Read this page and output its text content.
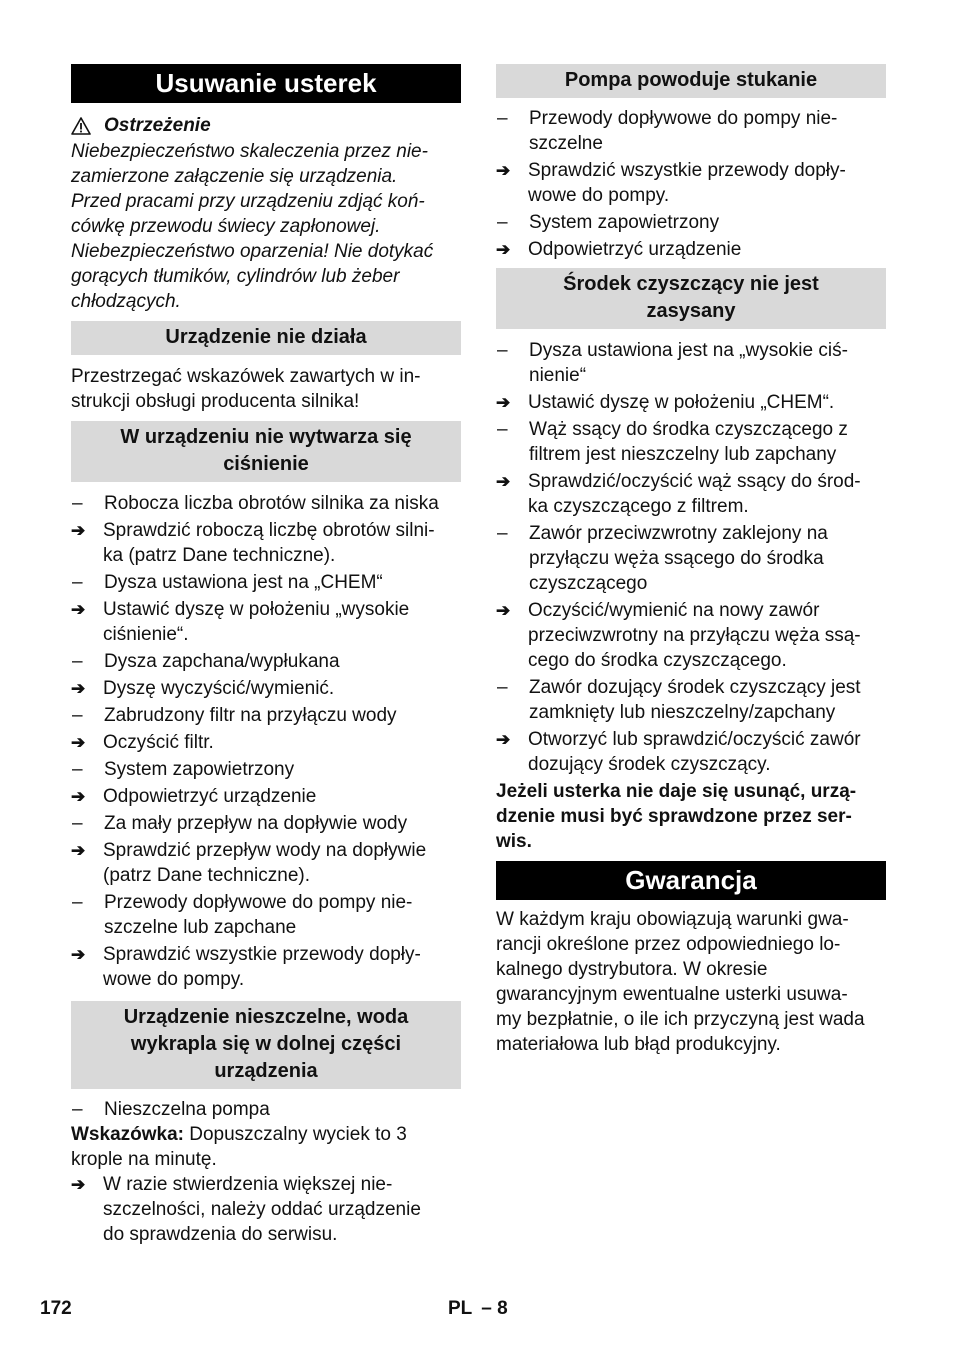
Usuwanie usterek
Ostrzeżenie

Niebezpieczeństwo skaleczenia przez nie-

zamierzone załączenie się urządzenia.

Przed pracami przy urządzeniu zdjąć koń-

cówkę przewodu świecy zapłonowej.

Niebezpieczeństwo oparzenia! Nie dotykać

gorących tłumików, cylindrów lub żeber

chłodzących.

Urządzenie nie działa

Przestrzegać wskazówek zawartych w in-

strukcji obsługi producenta silnika!

W urządzeniu nie wytwarza się
ciśnienie
–	Robocza liczba obrotów silnika za niska
➔ Sprawdzić roboczą liczbę obrotów silni-
ka (patrz Dane techniczne).
–	Dysza ustawiona jest na „CHEM“
➔ Ustawić dyszę w położeniu „wysokie
ciśnienie“.
–	Dysza zapchana/wypłukana
➔ Dyszę wyczyścić/wymienić.
–	Zabrudzony filtr na przyłączu wody
➔ Oczyścić filtr.
–	System zapowietrzony
➔ Odpowietrzyć urządzenie
–	Za mały przepływ na dopływie wody
➔ Sprawdzić przepływ wody na dopływie
(patrz Dane techniczne).
–	Przewody dopływowe do pompy nie-
szczelne lub zapchane
➔ Sprawdzić wszystkie przewody dopły-
wowe do pompy.
Urządzenie nieszczelne, woda
wykrapla się w dolnej części
urządzenia
–	Nieszczelna pompa

Wskazówka: Dopuszczalny wyciek to 3

krople na minutę.

➔ W razie stwierdzenia większej nie-
szczelności, należy oddać urządzenie
do sprawdzenia do serwisu.
Pompa powoduje stukanie
–	Przewody dopływowe do pompy nie-
szczelne
➔ Sprawdzić wszystkie przewody dopły-
wowe do pompy.
–	System zapowietrzony
➔ Odpowietrzyć urządzenie
Środek czyszczący nie jest
zasysany
–	Dysza ustawiona jest na „wysokie ciś-
nienie“
➔ Ustawić dyszę w położeniu „CHEM“.
–	Wąż ssący do środka czyszczącego z
filtrem jest nieszczelny lub zapchany
➔ Sprawdzić/oczyścić wąż ssący do środ-
ka czyszczącego z filtrem.
–	Zawór przeciwzwrotny zaklejony na
przyłączu węża ssącego do środka
czyszczącego
➔ Oczyścić/wymienić na nowy zawór
przeciwzwrotny na przyłączu węża ssą-
cego do środka czyszczącego.
–	Zawór dozujący środek czyszczący jest
zamknięty lub nieszczelny/zapchany
➔ Otworzyć lub sprawdzić/oczyścić zawór
dozujący środek czyszczący.

Jeżeli usterka nie daje się usunąć, urzą-

dzenie musi być sprawdzone przez ser-

wis.

Gwarancja

W każdym kraju obowiązują warunki gwa-

rancji określone przez odpowiedniego lo-

kalnego dystrybutora. W okresie

gwarancyjnym ewentualne usterki usuwa-

my bezpłatnie, o ile ich przyczyną jest wada

materiałowa lub błąd produkcyjny.

172	PL – 8
